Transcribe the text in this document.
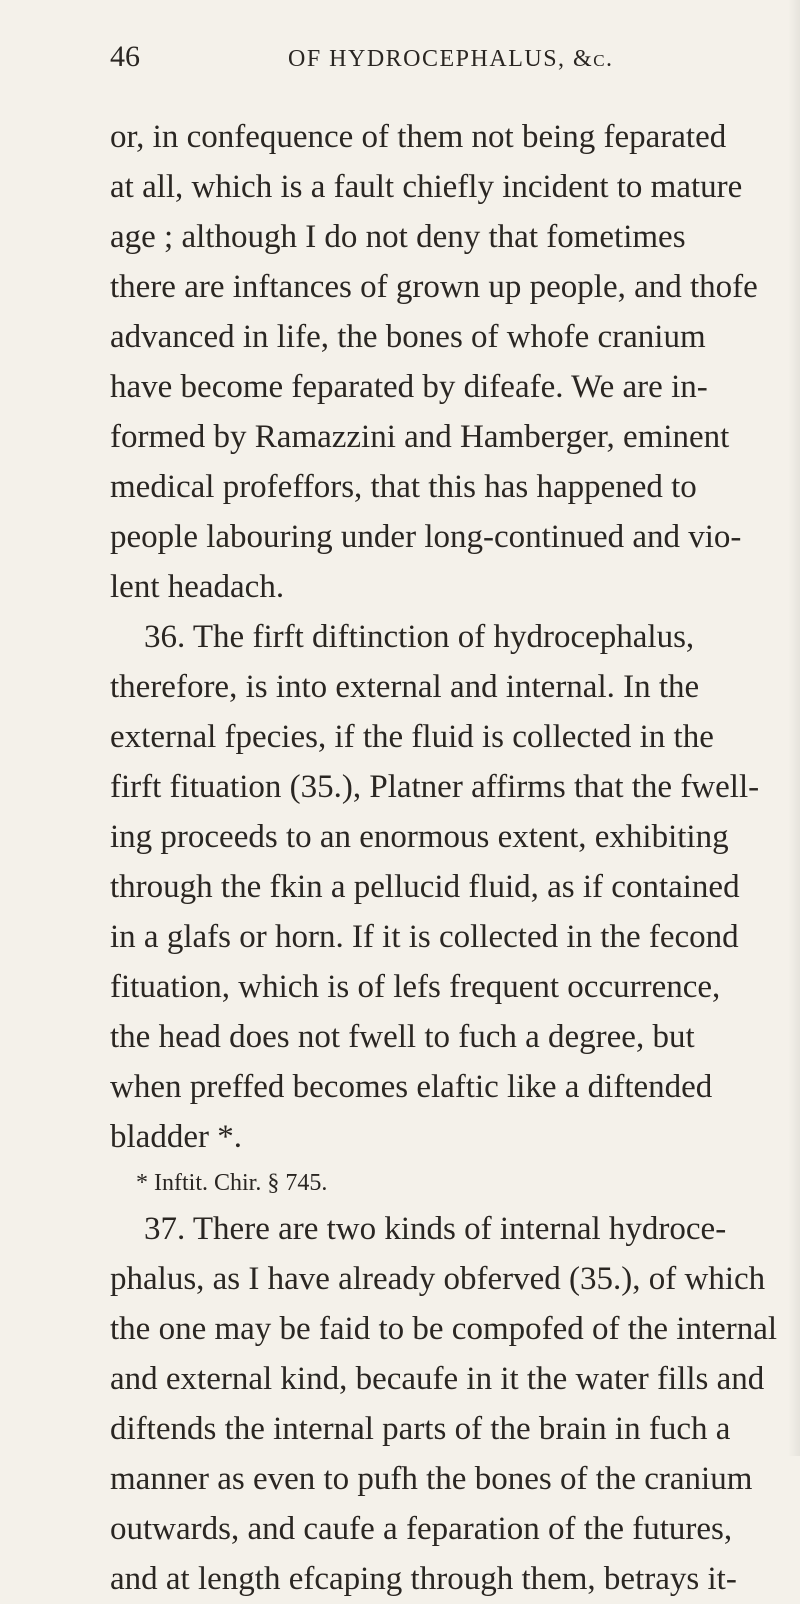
46	OF HYDROCEPHALUS, &c.
or, in confequence of them not being feparated
at all, which is a fault chiefly incident to mature
age ; although I do not deny that fometimes
there are inftances of grown up people, and thofe
advanced in life, the bones of whofe cranium
have become feparated by difeafe. We are in-
formed by Ramazzini and Hamberger, eminent
medical profeffors, that this has happened to
people labouring under long-continued and vio-
lent headach.
36. The firft diftinction of hydrocephalus,
therefore, is into external and internal. In the
external fpecies, if the fluid is collected in the
firft fituation (35.), Platner affirms that the fwell-
ing proceeds to an enormous extent, exhibiting
through the fkin a pellucid fluid, as if contained
in a glafs or horn. If it is collected in the fecond
fituation, which is of lefs frequent occurrence,
the head does not fwell to fuch a degree, but
when preffed becomes elaftic like a diftended
bladder *.
* Inftit. Chir. § 745.
37. There are two kinds of internal hydroce-
phalus, as I have already obferved (35.), of which
the one may be faid to be compofed of the internal
and external kind, becaufe in it the water fills and
diftends the internal parts of the brain in fuch a
manner as even to pufh the bones of the cranium
outwards, and caufe a feparation of the futures,
and at length efcaping through them, betrays it-
